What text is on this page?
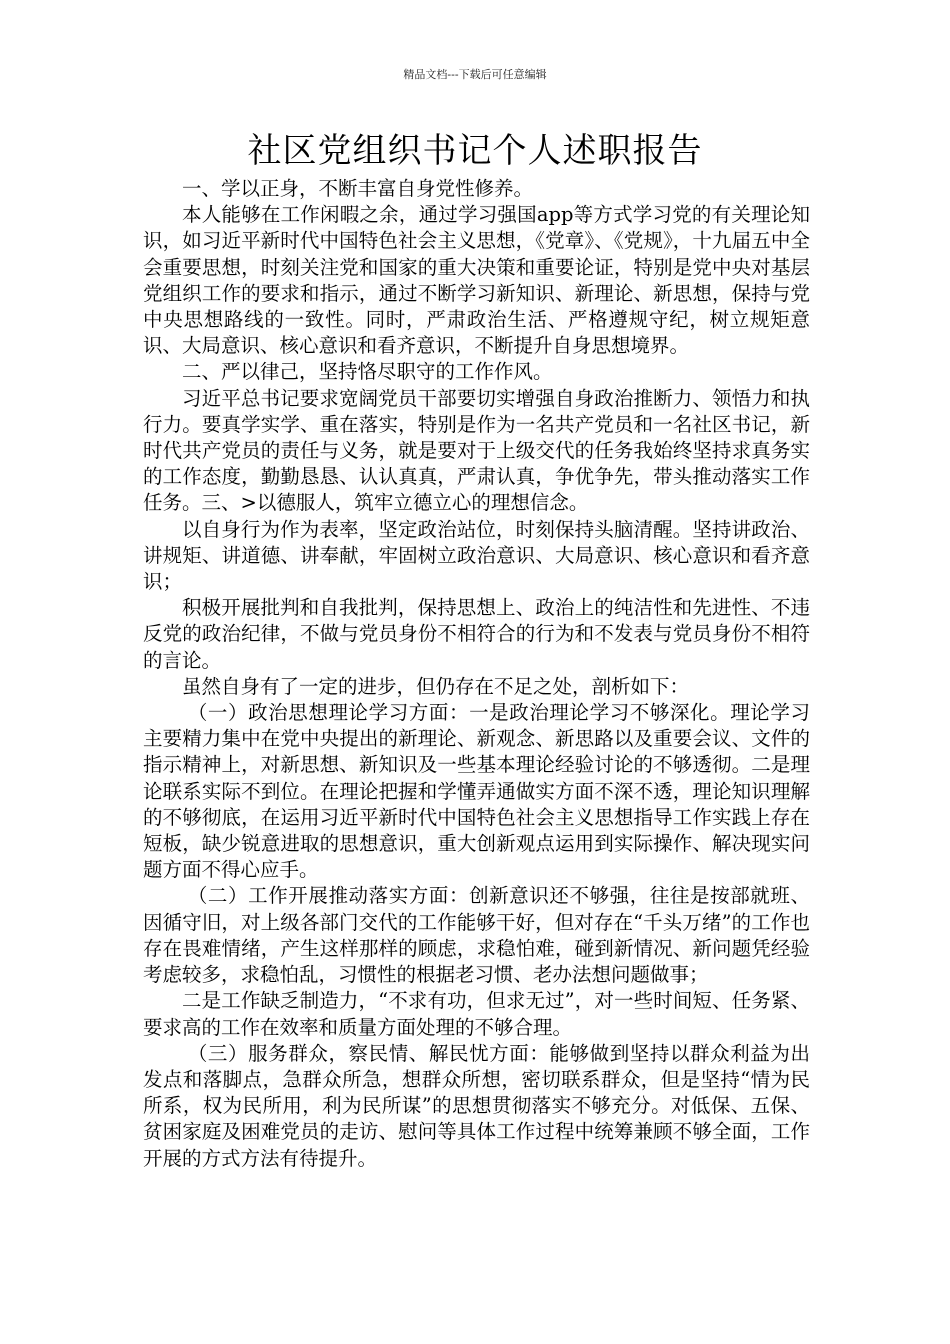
精品文档---下载后可任意编辑
社区党组织书记个人述职报告

一、学以正身，不断丰富自身党性修养。

本人能够在工作闲暇之余，通过学习强国app等方式学习党的有关理论知识，如习近平新时代中国特色社会主义思想，《党章》、《党规》，十九届五中全会重要思想，时刻关注党和国家的重大决策和重要论证，特别是党中央对基层党组织工作的要求和指示，通过不断学习新知识、新理论、新思想，保持与党中央思想路线的一致性。同时，严肃政治生活、严格遵规守纪，树立规矩意识、大局意识、核心意识和看齐意识，不断提升自身思想境界。

二、严以律己，坚持恪尽职守的工作作风。

习近平总书记要求宽阔党员干部要切实增强自身政治推断力、领悟力和执行力。要真学实学、重在落实，特别是作为一名共产党员和一名社区书记，新时代共产党员的责任与义务，就是要对于上级交代的任务我始终坚持求真务实的工作态度，勤勤恳恳、认认真真，严肃认真，争优争先，带头推动落实工作任务。三、>以德服人，筑牢立德立心的理想信念。

以自身行为作为表率，坚定政治站位，时刻保持头脑清醒。坚持讲政治、讲规矩、讲道德、讲奉献，牢固树立政治意识、大局意识、核心意识和看齐意识；

积极开展批判和自我批判，保持思想上、政治上的纯洁性和先进性、不违反党的政治纪律，不做与党员身份不相符合的行为和不发表与党员身份不相符的言论。

虽然自身有了一定的进步，但仍存在不足之处，剖析如下：

（一）政治思想理论学习方面：一是政治理论学习不够深化。理论学习主要精力集中在党中央提出的新理论、新观念、新思路以及重要会议、文件的指示精神上，对新思想、新知识及一些基本理论经验讨论的不够透彻。二是理论联系实际不到位。在理论把握和学懂弄通做实方面不深不透，理论知识理解的不够彻底，在运用习近平新时代中国特色社会主义思想指导工作实践上存在短板，缺少锐意进取的思想意识，重大创新观点运用到实际操作、解决现实问题方面不得心应手。

（二）工作开展推动落实方面：创新意识还不够强，往往是按部就班、因循守旧，对上级各部门交代的工作能够干好，但对存在“千头万绪”的工作也存在畏难情绪，产生这样那样的顾虑，求稳怕难，碰到新情况、新问题凭经验考虑较多，求稳怕乱，习惯性的根据老习惯、老办法想问题做事；

二是工作缺乏制造力，“不求有功，但求无过”，对一些时间短、任务紧、要求高的工作在效率和质量方面处理的不够合理。

（三）服务群众，察民情、解民忧方面：能够做到坚持以群众利益为出发点和落脚点，急群众所急，想群众所想，密切联系群众，但是坚持“情为民所系，权为民所用，利为民所谋”的思想贯彻落实不够充分。对低保、五保、贫困家庭及困难党员的走访、慰问等具体工作过程中统筹兼顾不够全面，工作开展的方式方法有待提升。
